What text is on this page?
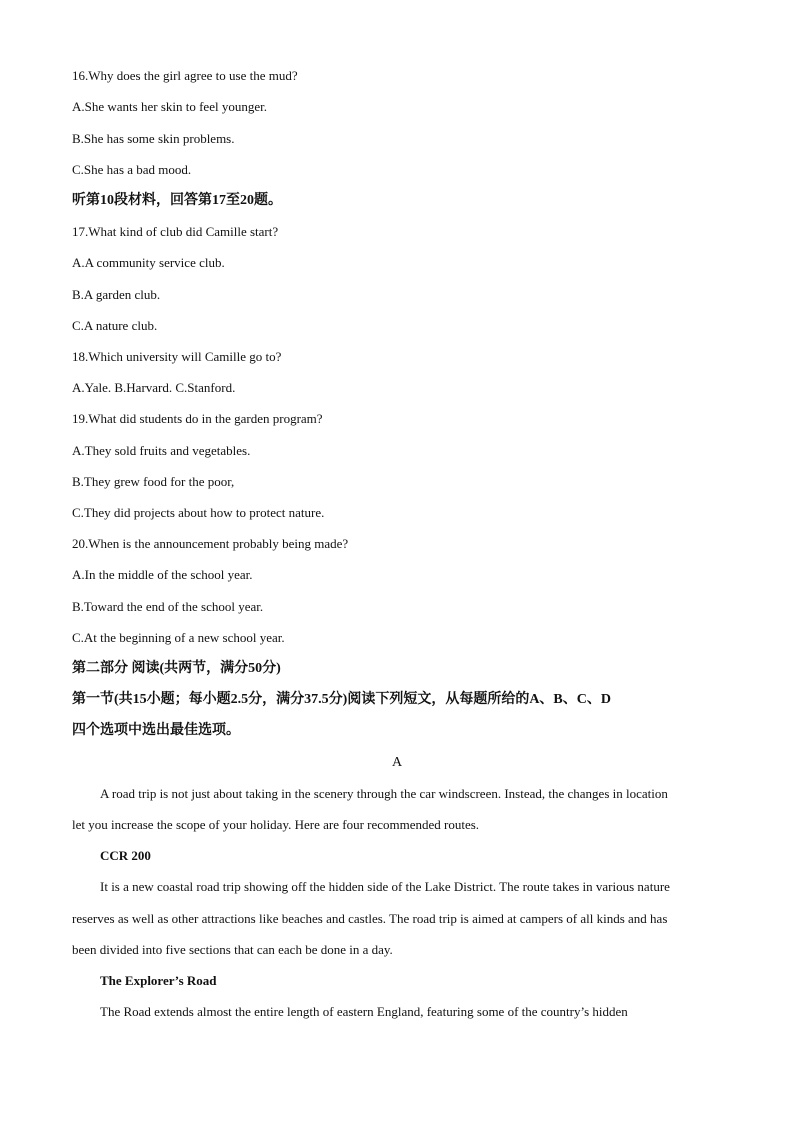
16.Why does the girl agree to use the mud?
A.She wants her skin to feel younger.
B.She has some skin problems.
C.She has a bad mood.
听第10段材料，回答第17至20题。
17.What kind of club did Camille start?
A.A community service club.
B.A garden club.
C.A nature club.
18.Which university will Camille go to?
A.Yale. B.Harvard. C.Stanford.
19.What did students do in the garden program?
A.They sold fruits and vegetables.
B.They grew food for the poor,
C.They did projects about how to protect nature.
20.When is the announcement probably being made?
A.In the middle of the school year.
B.Toward the end of the school year.
C.At the beginning of a new school year.
第二部分 阅读(共两节，满分50分)
第一节(共15小题；每小题2.5分，满分37.5分)阅读下列短文，从每题所给的A、B、C、D
四个选项中选出最佳选项。
A
A road trip is not just about taking in the scenery through the car windscreen. Instead, the changes in location
let you increase the scope of your holiday. Here are four recommended routes.
CCR 200
It is a new coastal road trip showing off the hidden side of the Lake District. The route takes in various nature
reserves as well as other attractions like beaches and castles. The road trip is aimed at campers of all kinds and has
been divided into five sections that can each be done in a day.
The Explorer’s Road
The Road extends almost the entire length of eastern England, featuring some of the country’s hidden
